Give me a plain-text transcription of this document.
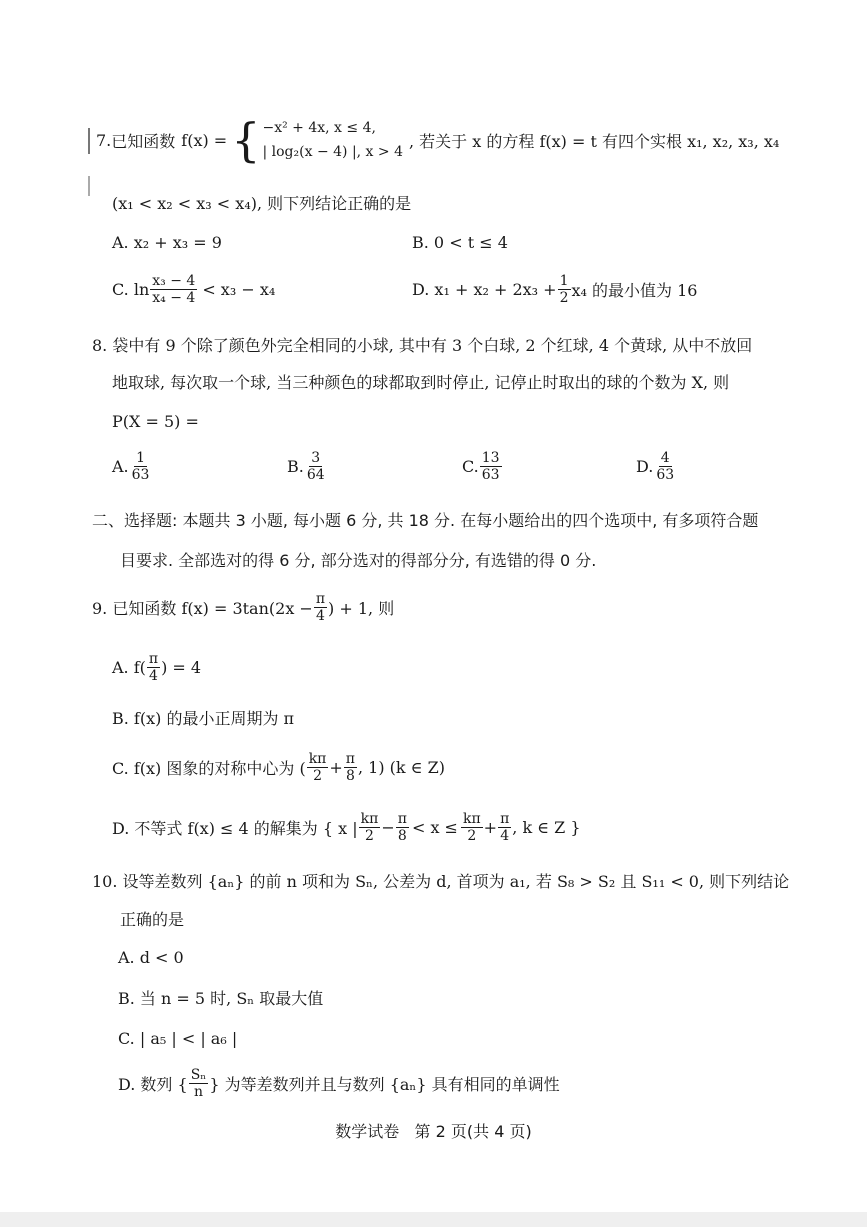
7. 已知函数 f(x) = { −x² + 4x, x ≤ 4,
| log₂(x − 4) |, x > 4
, 若关于 x 的方程 f(x) = t 有四个实根 x₁, x₂, x₃, x₄
(x₁ < x₂ < x₃ < x₄), 则下列结论正确的是
A. x₂ + x₃ = 9	B. 0 < t ≤ 4
C. $\ln \frac{\text{x₃ − 4}}{\text{x₄ − 4}} < x_3 - x_4$	D. $x_1 + x_2 + 2x_3 + \frac{1}{2} x_4$ 的最小值为 16
8. 袋中有 9 个除了颜色外完全相同的小球, 其中有 3 个白球, 2 个红球, 4 个黄球, 从中不放回
地取球, 每次取一个球, 当三种颜色的球都取到时停止, 记停止时取出的球的个数为 X, 则
P(X = 5) =
A. $\frac{1}{63}$	B. $\frac{3}{64}$	C. $\frac{13}{63}$	D. $\frac{4}{63}$
二、选择题: 本题共 3 小题, 每小题 6 分, 共 18 分. 在每小题给出的四个选项中, 有多项符合题
目要求. 全部选对的得 6 分, 部分选对的得部分分, 有选错的得 0 分.
9. 已知函数 $f(x) = 3\tan(2x - \frac{\pi}{4}$ ) + 1, 则
A. $f( \frac{\pi}{4}$ ) = 4
B. f(x) 的最小正周期为 π
C. f(x) 图象的对称中心为 ( $\frac{k\pi}{2} + \frac{\pi}{8}$ , 1) (k ∈ Z)
D. 不等式 f(x) ≤ 4 的解集为 { x | $\frac{k\pi}{2} - \frac{\pi}{8} < x \le \frac{k\pi}{2} + \frac{\pi}{4}$ , k ∈ Z }
10. 设等差数列 {aₙ} 的前 n 项和为 Sₙ, 公差为 d, 首项为 a₁, 若 S₈ > S₂ 且 S₁₁ < 0, 则下列结论
正确的是
A. d < 0
B. 当 n = 5 时, Sₙ 取最大值
C. | a₅ | < | a₆ |
D. 数列 { $\frac{\text{Sₙ}}{n}$ } 为等差数列并且与数列 {aₙ} 具有相同的单调性
数学试卷   第 2 页(共 4 页)
